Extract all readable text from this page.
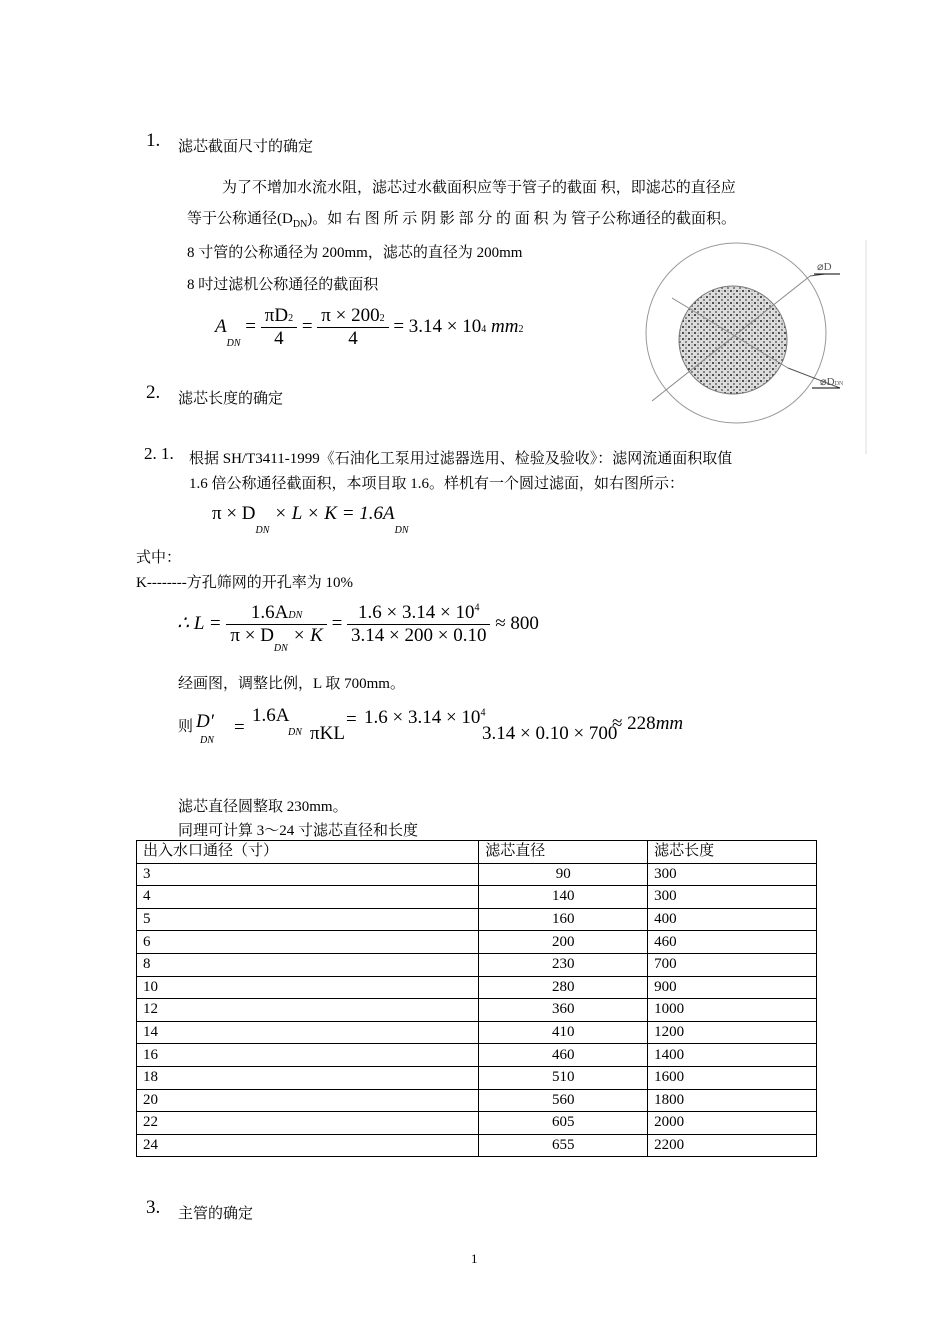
1. 滤芯截面尺寸的确定
为了不增加水流水阻，滤芯过水截面积应等于管子的截面 积，即滤芯的直径应
等于公称通径$(D_{DN})$。如 右 图 所 示 阴 影 部 分 的 面 积 为 管子公称通径的截面积。
8 寸管的公称通径为 200mm，滤芯的直径为 200mm
8 吋过滤机公称通径的截面积
$A_{DN} = \frac{\pi D2}{4} = \frac{\pi \times 2002}{4} = 3.14 \times 104$ mm2
⌀D
⌀DDN
2. 滤芯长度的确定
2. 1. 根据 SH/T3411-1999《石油化工泵用过滤器选用、检验及验收》：滤网流通面积取值
1.6 倍公称通径截面积，本项目取 1.6。样机有一个圆过滤面，如右图所示：
$\pi \times D_{DN} \times L \times K = 1.6A_{DN}$
式中：
K--------方孔筛网的开孔率为 10%
∴ $L = \frac{\text{1.6ADN}}{\pi \times D_{DN} \times K} = \frac{1.6 \times 3.14 \times 10^4}{3.14 \times 200 \times 0.10} \approx 800$
经画图，调整比例，L 取 700mm。
则 D′
DN
=
1.6A
DN πKL
= $1.6 \times 3.14 \times 10^4$
3.14 × 0.10 × 700
≈ 228mm
滤芯直径圆整取 230mm。
同理可计算 3～24 寸滤芯直径和长度
出入水口通径（寸）	滤芯直径	滤芯长度
3	90	300
4	140	300
5	160	400
6	200	460
8	230	700
10	280	900
12	360	1000
14	410	1200
16	460	1400
18	510	1600
20	560	1800
22	605	2000
24	655	2200
3. 主管的确定
1
